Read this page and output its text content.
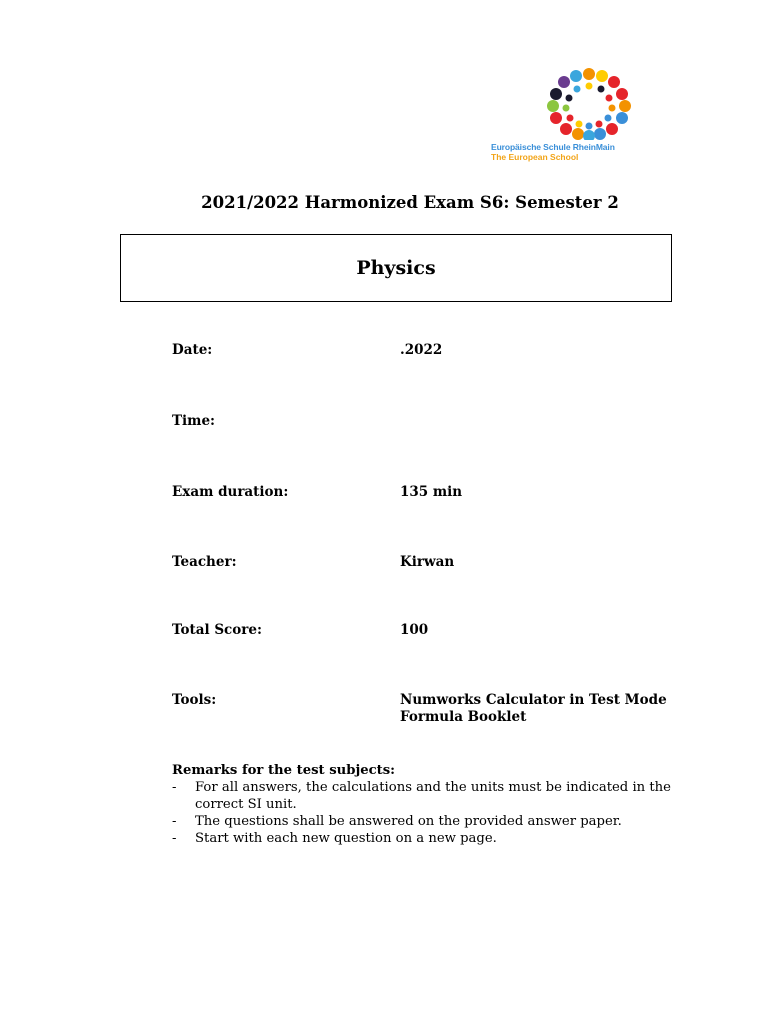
Europäische Schule RheinMain
The European School
2021/2022 Harmonized Exam S6: Semester 2
Physics
Date:	.2022
Time:
Exam duration:	135 min
Teacher:	Kirwan
Total Score:	100
Tools:	Numworks Calculator in Test Mode
Formula Booklet
Remarks for the test subjects:
- For all answers, the calculations and the units must be indicated in the correct SI unit.
- The questions shall be answered on the provided answer paper.
- Start with each new question on a new page.
